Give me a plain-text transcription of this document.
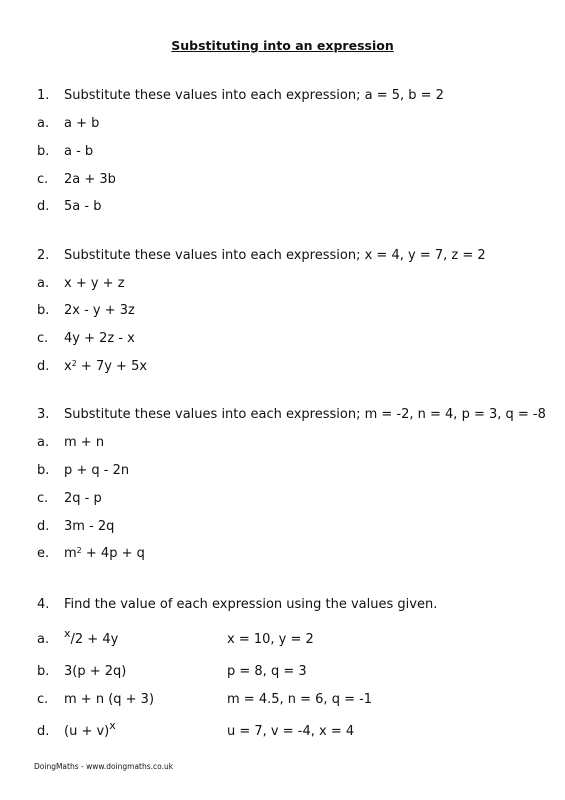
Substituting into an expression
1. Substitute these values into each expression; a = 5, b = 2
a. a + b
b. a - b
c. 2a + 3b
d. 5a - b
2. Substitute these values into each expression; x = 4, y = 7, z = 2
a. x + y + z
b. 2x - y + 3z
c. 4y + 2z - x
d. $x^2 + 7y + 5x$
3. Substitute these values into each expression; m = -2, n = 4, p = 3, q = -8
a. m + n
b. p + q - 2n
c. 2q - p
d. 3m - 2q
e. $m^2 + 4p + q$
4. Find the value of each expression using the values given.
a. $^x$/2 + 4y	x = 10, y = 2
b. 3(p + 2q)	p = 8, q = 3
c. m + n (q + 3)	m = 4.5, n = 6, q = -1
d. $(u + v)^x$	u = 7, v = -4, x = 4
DoingMaths - www.doingmaths.co.uk
